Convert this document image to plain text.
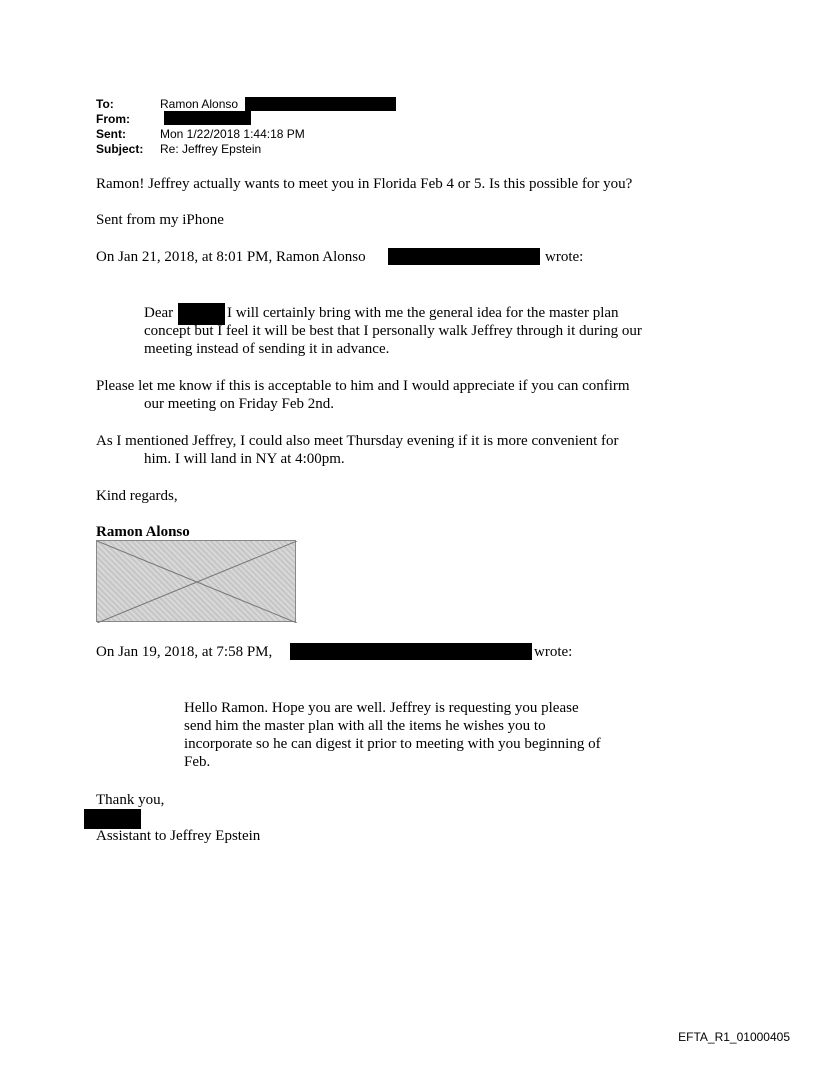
To:	Ramon Alonso
From:
Sent:	Mon 1/22/2018 1:44:18 PM
Subject: Re: Jeffrey Epstein
Ramon! Jeffrey actually wants to meet you in Florida Feb 4 or 5. Is this possible for you?
Sent from my iPhone
On Jan 21, 2018, at 8:01 PM, Ramon Alonso	wrote:
Dear	I will certainly bring with me the general idea for the master plan
concept but I feel it will be best that I personally walk Jeffrey through it during our
meeting instead of sending it in advance.
Please let me know if this is acceptable to him and I would appreciate if you can confirm
our meeting on Friday Feb 2nd.
As I mentioned Jeffrey, I could also meet Thursday evening if it is more convenient for
him. I will land in NY at 4:00pm.
Kind regards,
Ramon Alonso
On Jan 19, 2018, at 7:58 PM,	wrote:
Hello Ramon. Hope you are well. Jeffrey is requesting you please
send him the master plan with all the items he wishes you to
incorporate so he can digest it prior to meeting with you beginning of
Feb.
Thank you,
Assistant to Jeffrey Epstein
EFTA_R1_01000405
